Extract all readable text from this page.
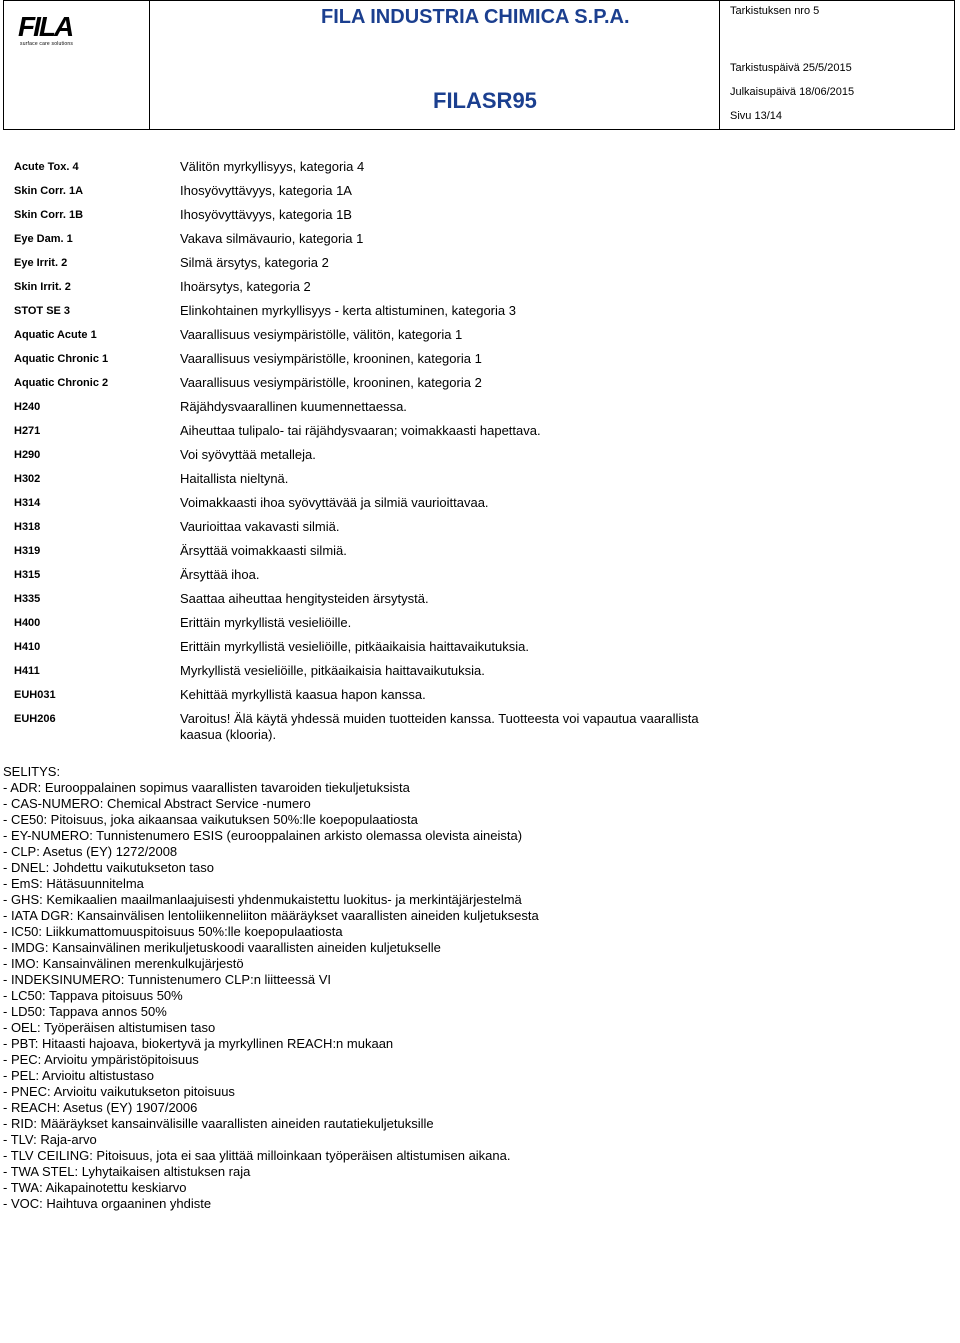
FILA
surface care solutions
FILA INDUSTRIA CHIMICA S.P.A.
FILASR95
Tarkistuksen nro 5
Tarkistuspäivä 25/5/2015
Julkaisupäivä 18/06/2015
Sivu 13/14
Acute Tox. 4	Välitön myrkyllisyys, kategoria 4
Skin Corr. 1A	Ihosyövyttävyys, kategoria 1A
Skin Corr. 1B	Ihosyövyttävyys, kategoria 1B
Eye Dam. 1	Vakava silmävaurio, kategoria 1
Eye Irrit. 2	Silmä ärsytys, kategoria 2
Skin Irrit. 2	Ihoärsytys, kategoria 2
STOT SE 3	Elinkohtainen myrkyllisyys - kerta altistuminen, kategoria 3
Aquatic Acute 1	Vaarallisuus vesiympäristölle, välitön, kategoria 1
Aquatic Chronic 1	Vaarallisuus vesiympäristölle, krooninen, kategoria 1
Aquatic Chronic 2	Vaarallisuus vesiympäristölle, krooninen, kategoria 2
H240	Räjähdysvaarallinen kuumennettaessa.
H271	Aiheuttaa tulipalo- tai räjähdysvaaran; voimakkaasti hapettava.
H290	Voi syövyttää metalleja.
H302	Haitallista nieltynä.
H314	Voimakkaasti ihoa syövyttävää ja silmiä vaurioittavaa.
H318	Vaurioittaa vakavasti silmiä.
H319	Ärsyttää voimakkaasti silmiä.
H315	Ärsyttää ihoa.
H335	Saattaa aiheuttaa hengitysteiden ärsytystä.
H400	Erittäin myrkyllistä vesieliöille.
H410	Erittäin myrkyllistä vesieliöille, pitkäaikaisia haittavaikutuksia.
H411	Myrkyllistä vesieliöille, pitkäaikaisia haittavaikutuksia.
EUH031	Kehittää myrkyllistä kaasua hapon kanssa.
EUH206	Varoitus! Älä käytä yhdessä muiden tuotteiden kanssa. Tuotteesta voi vapautua vaarallista kaasua (klooria).
SELITYS:
- ADR: Eurooppalainen sopimus vaarallisten tavaroiden tiekuljetuksista
- CAS-NUMERO: Chemical Abstract Service -numero
- CE50: Pitoisuus, joka aikaansaa vaikutuksen 50%:lle koepopulaatiosta
- EY-NUMERO: Tunnistenumero ESIS (eurooppalainen arkisto olemassa olevista aineista)
- CLP: Asetus (EY) 1272/2008
- DNEL: Johdettu vaikutukseton taso
- EmS: Hätäsuunnitelma
- GHS: Kemikaalien maailmanlaajuisesti yhdenmukaistettu luokitus- ja merkintäjärjestelmä
- IATA DGR: Kansainvälisen lentoliikenneliiton määräykset vaarallisten aineiden kuljetuksesta
- IC50: Liikkumattomuuspitoisuus 50%:lle koepopulaatiosta
- IMDG: Kansainvälinen merikuljetuskoodi vaarallisten aineiden kuljetukselle
- IMO: Kansainvälinen merenkulkujärjestö
- INDEKSINUMERO: Tunnistenumero CLP:n liitteessä VI
- LC50: Tappava pitoisuus 50%
- LD50: Tappava annos 50%
- OEL: Työperäisen altistumisen taso
- PBT: Hitaasti hajoava, biokertyvä ja myrkyllinen REACH:n mukaan
- PEC: Arvioitu ympäristöpitoisuus
- PEL: Arvioitu altistustaso
- PNEC: Arvioitu vaikutukseton pitoisuus
- REACH: Asetus (EY) 1907/2006
- RID: Määräykset kansainvälisille vaarallisten aineiden rautatiekuljetuksille
- TLV: Raja-arvo
- TLV CEILING: Pitoisuus, jota ei saa ylittää milloinkaan työperäisen altistumisen aikana.
- TWA STEL: Lyhytaikaisen altistuksen raja
- TWA: Aikapainotettu keskiarvo
- VOC: Haihtuva orgaaninen yhdiste
